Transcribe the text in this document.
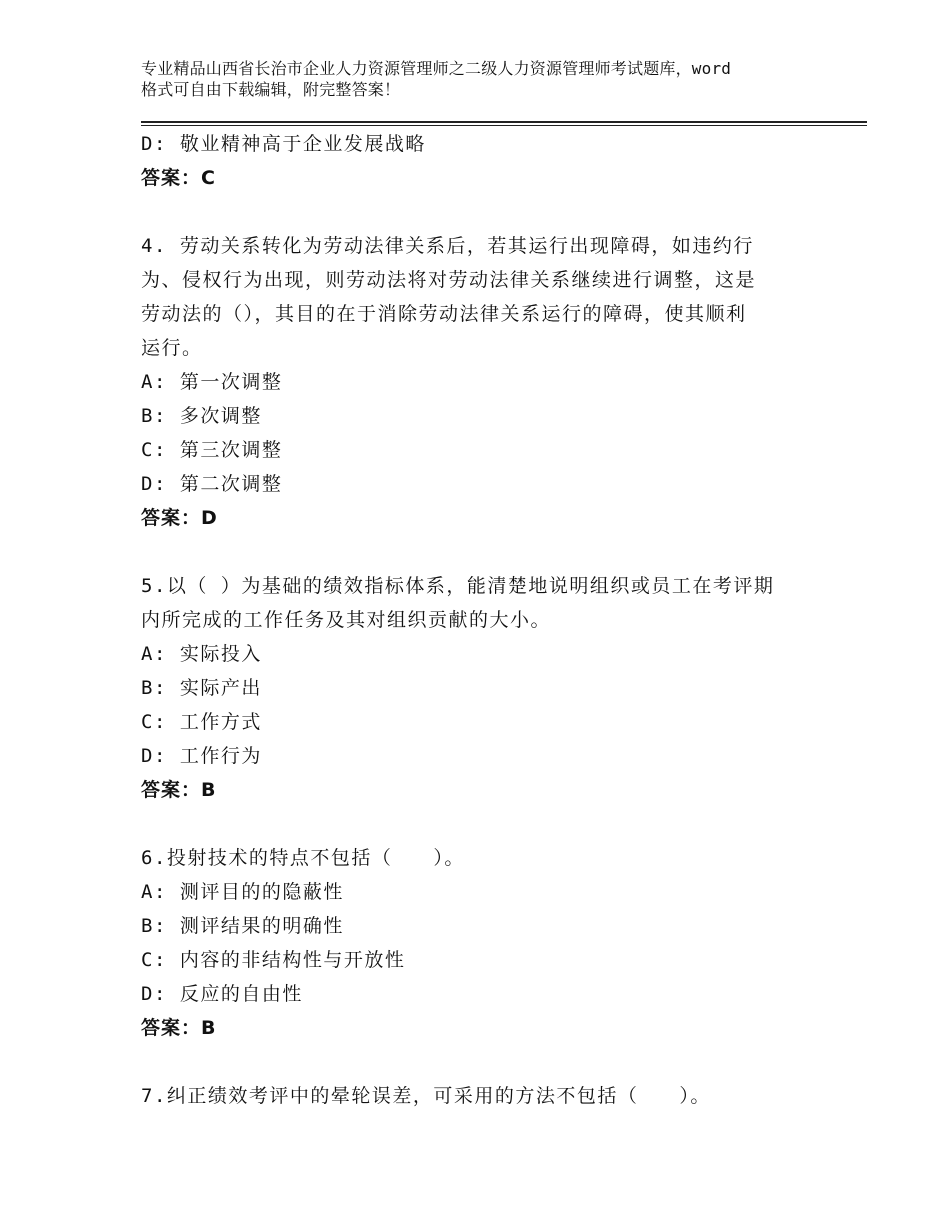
专业精品山西省长治市企业人力资源管理师之二级人力资源管理师考试题库，word
格式可自由下载编辑，附完整答案！
D: 敬业精神高于企业发展战略
答案：C
4. 劳动关系转化为劳动法律关系后，若其运行出现障碍，如违约行
为、侵权行为出现，则劳动法将对劳动法律关系继续进行调整，这是
劳动法的（），其目的在于消除劳动法律关系运行的障碍，使其顺利
运行。
A: 第一次调整
B: 多次调整
C: 第三次调整
D: 第二次调整
答案：D
5.以（ ）为基础的绩效指标体系，能清楚地说明组织或员工在考评期
内所完成的工作任务及其对组织贡献的大小。
A: 实际投入
B: 实际产出
C: 工作方式
D: 工作行为
答案：B
6.投射技术的特点不包括（　　）。
A: 测评目的的隐蔽性
B: 测评结果的明确性
C: 内容的非结构性与开放性
D: 反应的自由性
答案：B
7.纠正绩效考评中的晕轮误差，可采用的方法不包括（　　）。
